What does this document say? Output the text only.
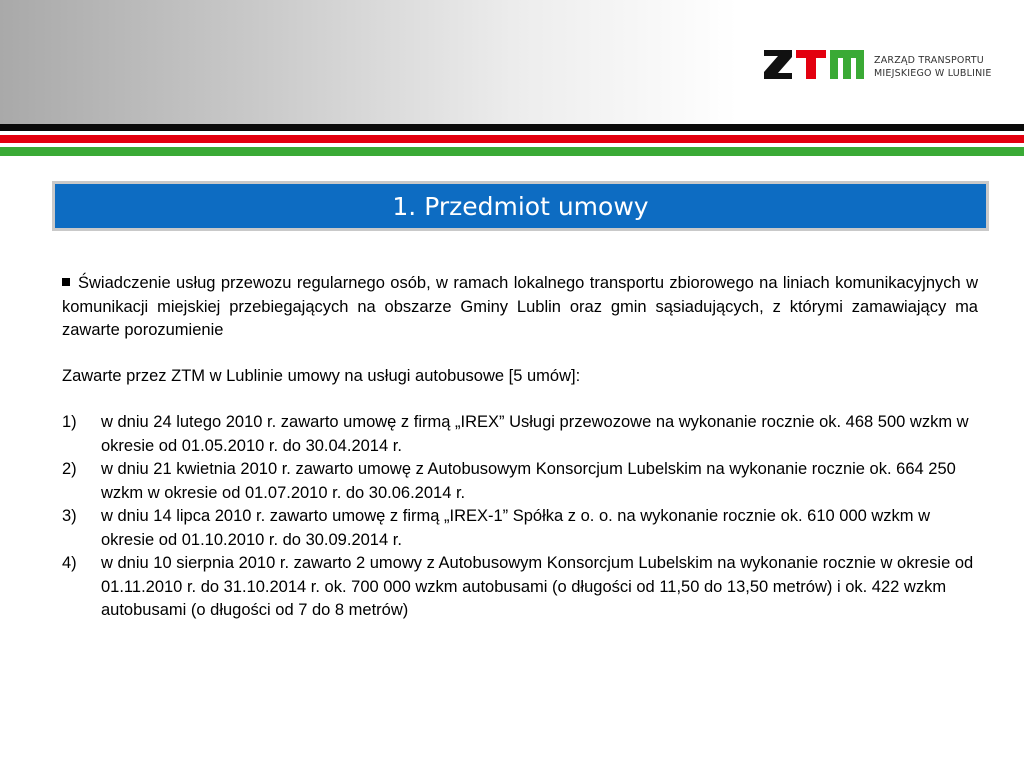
ZARZĄD TRANSPORTU
MIEJSKIEGO W LUBLINIE
1. Przedmiot umowy

Świadczenie usług przewozu regularnego osób, w ramach lokalnego transportu zbiorowego na liniach komunikacyjnych w komunikacji miejskiej przebiegających na obszarze Gminy Lublin oraz gmin sąsiadujących, z którymi zamawiający ma zawarte porozumienie

Zawarte przez ZTM w Lublinie umowy na usługi autobusowe [5 umów]:

1) w dniu 24 lutego 2010 r. zawarto umowę z firmą „IREX” Usługi przewozowe na wykonanie rocznie ok. 468 500 wzkm w okresie od 01.05.2010 r. do 30.04.2014 r.
2) w dniu 21 kwietnia 2010 r. zawarto umowę z Autobusowym Konsorcjum Lubelskim na wykonanie rocznie ok. 664 250 wzkm w okresie od 01.07.2010 r. do 30.06.2014 r.
3) w dniu 14 lipca 2010 r. zawarto umowę z firmą „IREX-1” Spółka z o. o. na wykonanie rocznie ok. 610 000 wzkm w okresie od 01.10.2010 r. do 30.09.2014 r.
4) w dniu 10 sierpnia 2010 r. zawarto 2 umowy z Autobusowym Konsorcjum Lubelskim na wykonanie rocznie w okresie od 01.11.2010 r. do 31.10.2014 r. ok. 700 000 wzkm autobusami (o długości od 11,50 do 13,50 metrów) i ok. 422 wzkm autobusami (o długości od 7 do 8 metrów)
